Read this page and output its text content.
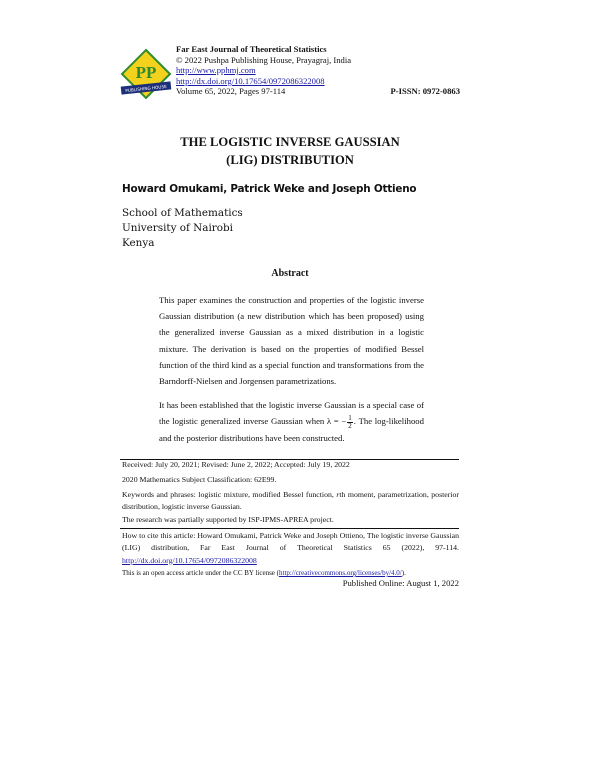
PP
PUBLISHING HOUSE
Far East Journal of Theoretical Statistics
© 2022 Pushpa Publishing House, Prayagraj, India
http://www.pphmj.com
http://dx.doi.org/10.17654/0972086322008
Volume 65, 2022, Pages 97-114	P-ISSN: 0972-0863
THE LOGISTIC INVERSE GAUSSIAN
(LIG) DISTRIBUTION
Howard Omukami, Patrick Weke and Joseph Ottieno
School of Mathematics
University of Nairobi
Kenya
Abstract

This paper examines the construction and properties of the logistic inverse Gaussian distribution (a new distribution which has been proposed) using the generalized inverse Gaussian as a mixed distribution in a logistic mixture. The derivation is based on the properties of modified Bessel function of the third kind as a special function and transformations from the Barndorff-Nielsen and Jorgensen parametrizations.

It has been established that the logistic inverse Gaussian is a special case of the logistic generalized inverse Gaussian when λ = − $\frac{1}{2}$ . The log-likelihood and the posterior distributions have been constructed.

Received: July 20, 2021; Revised: June 2, 2022; Accepted: July 19, 2022
2020 Mathematics Subject Classification: 62E99.
Keywords and phrases: logistic mixture, modified Bessel function, rth moment, parametrization, posterior distribution, logistic inverse Gaussian.
The research was partially supported by ISP-IPMS-APREA project.
How to cite this article: Howard Omukami, Patrick Weke and Joseph Ottieno, The logistic inverse Gaussian (LIG) distribution, Far East Journal of Theoretical Statistics 65 (2022), 97-114. http://dx.doi.org/10.17654/0972086322008
This is an open access article under the CC BY license (http://creativecommons.org/licenses/by/4.0/).
Published Online: August 1, 2022
